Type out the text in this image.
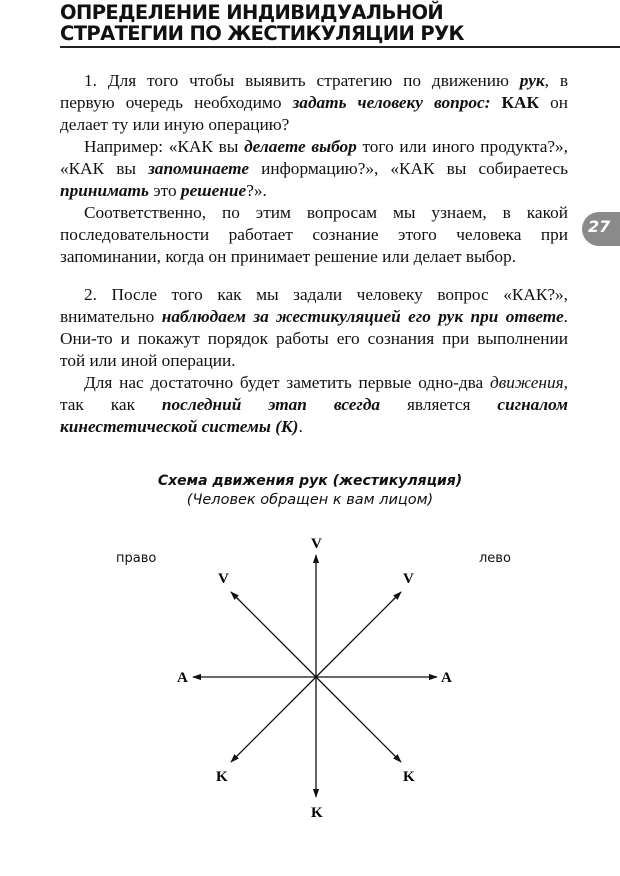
ОПРЕДЕЛЕНИЕ ИНДИВИДУАЛЬНОЙ
СТРАТЕГИИ ПО ЖЕСТИКУЛЯЦИИ РУК
27

1. Для того чтобы выявить стратегию по движению рук, в первую очередь необходимо задать человеку вопрос: КАК он делает ту или иную операцию?

Например: «КАК вы делаете выбор того или иного продукта?», «КАК вы запоминаете информацию?», «КАК вы собираетесь принимать это решение?».

Соответственно, по этим вопросам мы узнаем, в какой последовательности работает сознание этого человека при запоминании, когда он принимает решение или делает выбор.

2. После того как мы задали человеку вопрос «КАК?», внимательно наблюдаем за жестикуляцией его рук при ответе. Они-то и покажут порядок работы его сознания при выполнении той или иной операции.

Для нас достаточно будет заметить первые одно-два движения, так как последний этап всегда является сигналом кинестетической системы (К).

Схема движения рук (жестикуляция)
(Человек обращен к вам лицом)
право	лево
V
V	V
A	A
K	K
K
